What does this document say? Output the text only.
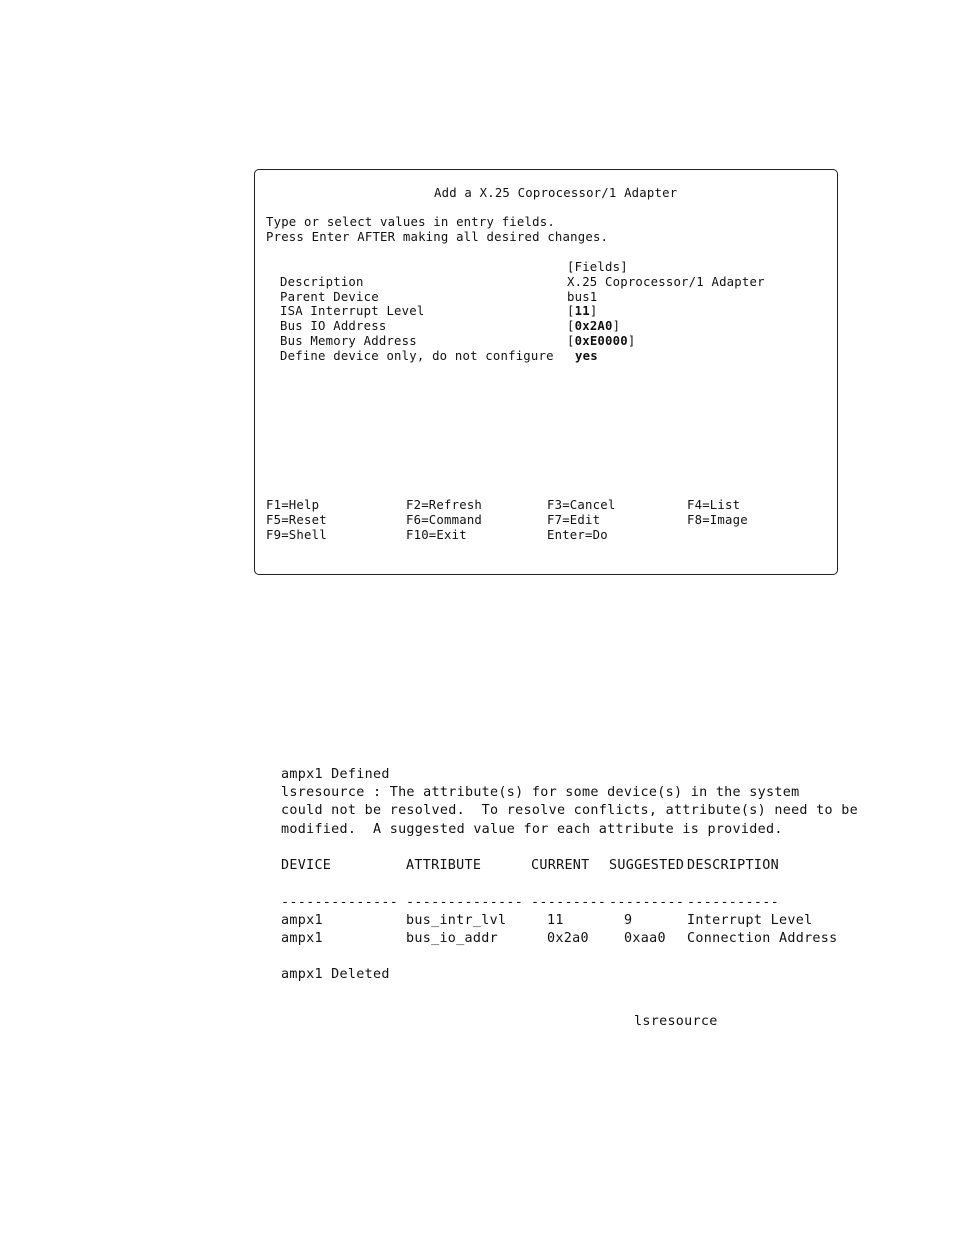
Add a X.25 Coprocessor/1 Adapter
Type or select values in entry fields.
Press Enter AFTER making all desired changes.
[Fields]
Description	X.25 Coprocessor/1 Adapter
Parent Device	bus1
ISA Interrupt Level	[11]
Bus IO Address	[0x2A0]
Bus Memory Address	[0xE0000]
Define device only, do not configure yes
F1=Help	F2=Refresh	F3=Cancel	F4=List
F5=Reset	F6=Command	F7=Edit	F8=Image
F9=Shell	F10=Exit	Enter=Do
ampx1 Defined
lsresource : The attribute(s) for some device(s) in the system
could not be resolved.  To resolve conflicts, attribute(s) need to be
modified.  A suggested value for each attribute is provided.
DEVICE	ATTRIBUTE	CURRENT SUGGESTED DESCRIPTION
-------------- -------------- --------- --------- -----------
ampx1	bus_intr_lvl	11	9	Interrupt Level
ampx1	bus_io_addr	0x2a0	0xaa0 Connection Address
ampx1 Deleted
lsresource
